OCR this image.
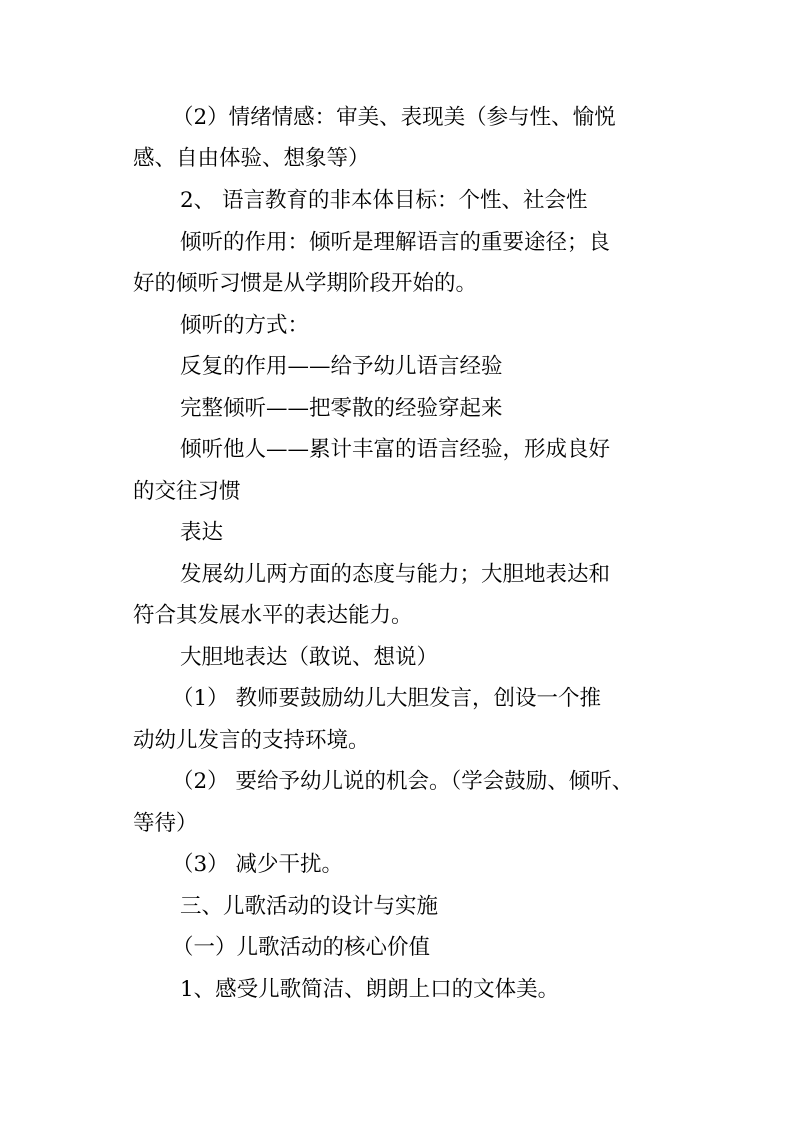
（2）情绪情感：审美、表现美（参与性、愉悦
感、自由体验、想象等）
2、 语言教育的非本体目标：个性、社会性
倾听的作用：倾听是理解语言的重要途径；良
好的倾听习惯是从学期阶段开始的。
倾听的方式：
反复的作用——给予幼儿语言经验
完整倾听——把零散的经验穿起来
倾听他人——累计丰富的语言经验，形成良好
的交往习惯
表达
发展幼儿两方面的态度与能力；大胆地表达和
符合其发展水平的表达能力。
大胆地表达（敢说、想说）
（1） 教师要鼓励幼儿大胆发言，创设一个推
动幼儿发言的支持环境。
（2） 要给予幼儿说的机会。（学会鼓励、倾听、
等待）
（3） 减少干扰。
三、儿歌活动的设计与实施
（一）儿歌活动的核心价值
1、感受儿歌简洁、朗朗上口的文体美。
